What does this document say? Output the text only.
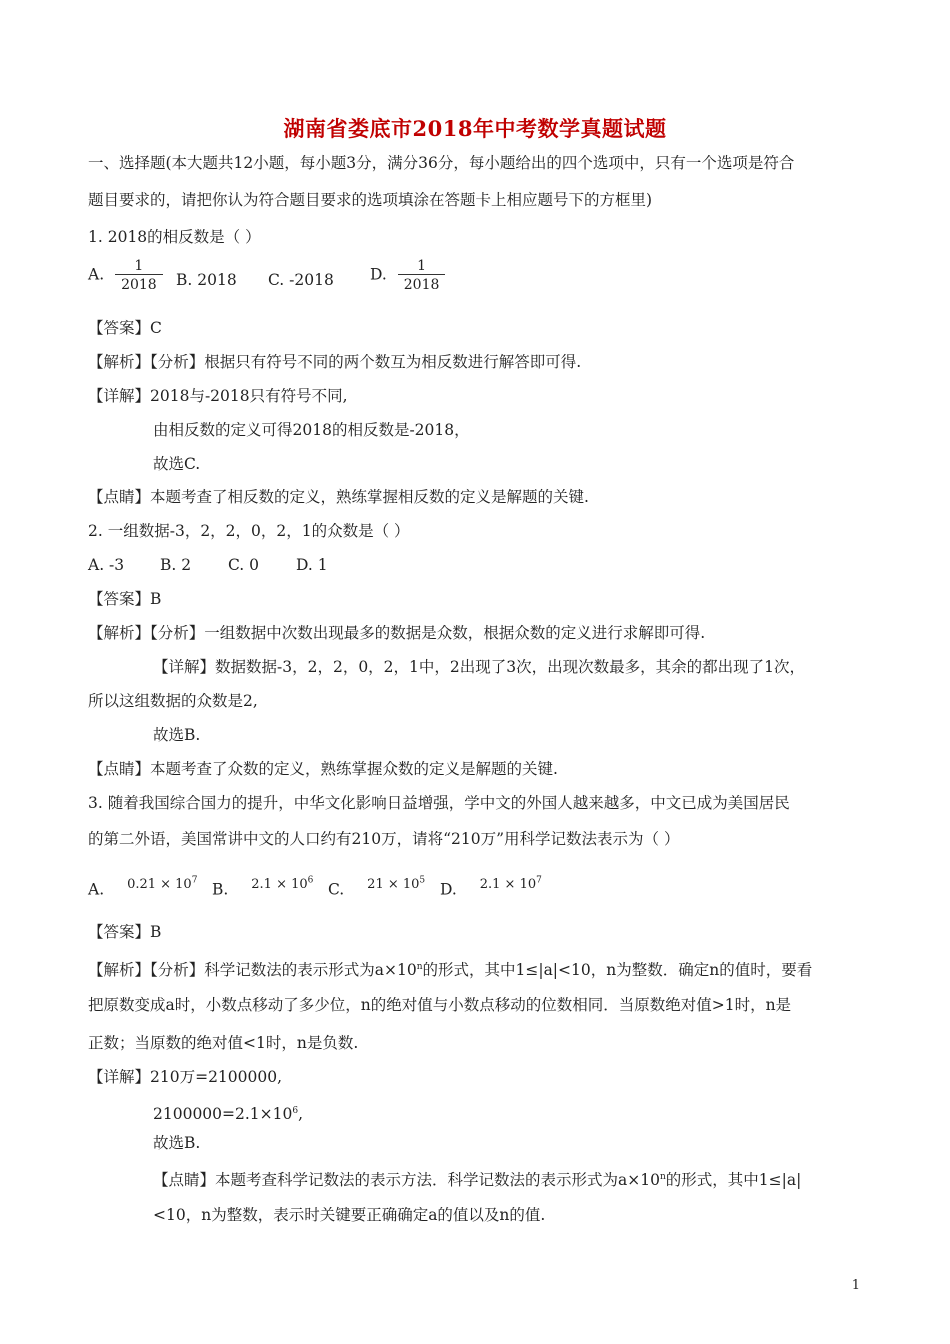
湖南省娄底市2018年中考数学真题试题
一、选择题(本大题共12小题，每小题3分，满分36分，每小题给出的四个选项中，只有一个选项是符合
题目要求的，请把你认为符合题目要求的选项填涂在答题卡上相应题号下的方框里)
1. 2018的相反数是（ ）
A. $\frac{1}{2018} B$. 2018 C. -2018 D. $\frac{1}{2018}$
【答案】C
【解析】【分析】根据只有符号不同的两个数互为相反数进行解答即可得.
【详解】2018与-2018只有符号不同,
由相反数的定义可得2018的相反数是-2018，
故选C.
【点睛】本题考查了相反数的定义，熟练掌握相反数的定义是解题的关键.
2. 一组数据-3，2，2，0，2，1的众数是（ ）
A. -3 B. 2 C. 0 D. 1
【答案】B
【解析】【分析】一组数据中次数出现最多的数据是众数，根据众数的定义进行求解即可得.
【详解】数据数据-3，2，2，0，2，1中，2出现了3次，出现次数最多，其余的都出现了1次，
所以这组数据的众数是2,
故选B.
【点睛】本题考查了众数的定义，熟练掌握众数的定义是解题的关键.
3. 随着我国综合国力的提升，中华文化影响日益增强，学中文的外国人越来越多，中文已成为美国居民
的第二外语，美国常讲中文的人口约有210万，请将“210万”用科学记数法表示为（ ）
A. $^{0.21 \times 10^7}$ B. $^{2.1 \times 10^6}$ C. $^{21 \times 10^5}$ D. $^{2.1 \times 10^7}$
【答案】B
【解析】【分析】科学记数法的表示形式为$a\times 10^n$的形式，其中1≤|a|<10，n为整数．确定n的值时，要看
把原数变成a时，小数点移动了多少位，n的绝对值与小数点移动的位数相同．当原数绝对值>1时，n是
正数；当原数的绝对值<1时，n是负数.
【详解】210万=2100000,
$2100000=2.1\times 10^6$,
故选B.
【点睛】本题考查科学记数法的表示方法．科学记数法的表示形式为$a\times 10^n$的形式，其中1≤|a|
<10，n为整数，表示时关键要正确确定a的值以及n的值.
1
